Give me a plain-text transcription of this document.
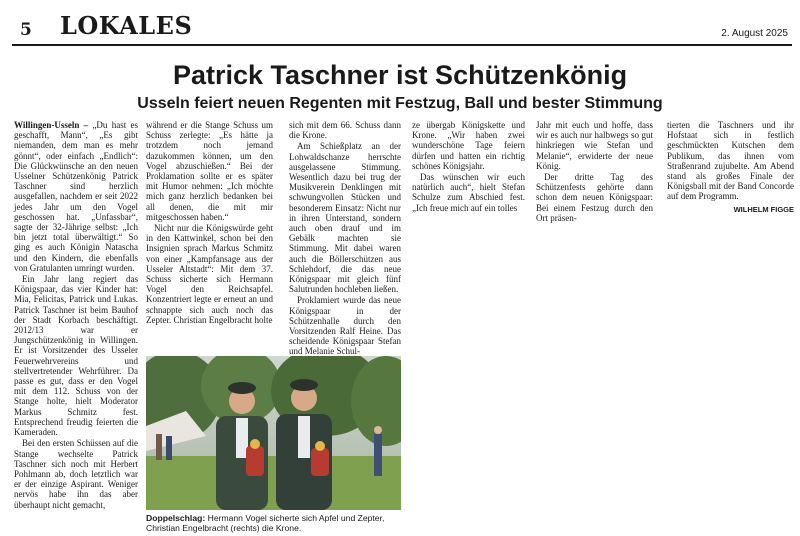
5 LOKALES	2. August 2025
Patrick Taschner ist Schützenkönig
Usseln feiert neuen Regenten mit Festzug, Ball und bester Stimmung

Willingen-Usseln – „Du hast es geschafft, Mann“, „Es gibt niemanden, dem man es mehr gönnt“, oder einfach „Endlich“: Die Glückwünsche an den neuen Usselner Schützenkönig Patrick Taschner sind herzlich ausgefallen, nachdem er seit 2022 jedes Jahr um den Vogel geschossen hat. „Unfassbar“, sagte der 32-Jährige selbst: „Ich bin jetzt total überwältigt.“ So ging es auch Königin Natascha und den Kindern, die ebenfalls von Gratulanten umringt wurden.

Ein Jahr lang regiert das Königspaar, das vier Kinder hat: Mia, Felicitas, Patrick und Lukas. Patrick Taschner ist beim Bauhof der Stadt Korbach beschäftigt. 2012/13 war er Jungschützenkönig in Willingen. Er ist Vorsitzender des Usseler Feuerwehrvereins und stellvertretender Wehrführer. Da passe es gut, dass er den Vogel mit dem 112. Schuss von der Stange holte, hielt Moderator Markus Schmitz fest. Entsprechend freudig feierten die Kameraden.

Bei den ersten Schüssen auf die Stange wechselte Patrick Taschner sich noch mit Herbert Pohlmann ab, doch letztlich war er der einzige Aspirant. Weniger nervös habe ihn das aber überhaupt nicht gemacht,

während er die Stange Schuss um Schuss zerlegte: „Es hätte ja trotzdem noch jemand dazukommen können, um den Vogel abzuschießen.“ Bei der Proklamation sollte er es später mit Humor nehmen: „Ich möchte mich ganz herzlich bedanken bei all denen, die mit mir mitgeschossen haben.“

Nicht nur die Königswürde geht in den Kattwinkel, schon bei den Insignien sprach Markus Schmitz von einer „Kampfansage aus der Usseler Altstadt“: Mit dem 37. Schuss sicherte sich Hermann Vogel den Reichsapfel. Konzentriert legte er erneut an und schnappte sich auch noch das Zepter. Christian Engelbracht holte

sich mit dem 66. Schuss dann die Krone.

Am Schießplatz an der Lohwaldschanze herrschte ausgelassene Stimmung. Wesentlich dazu bei trug der Musikverein Denklingen mit schwungvollen Stücken und besonderem Einsatz: Nicht nur in ihren Unterstand, sondern auch oben drauf und im Gebälk machten sie Stimmung. Mit dabei waren auch die Böllerschützen aus Schlehdorf, die das neue Königspaar mit gleich fünf Salutrunden hochleben ließen.

Proklamiert wurde das neue Königspaar in der Schützenhalle durch den Vorsitzenden Ralf Heine. Das scheidende Königspaar Stefan und Melanie Schul-

ze übergab Königskette und Krone. „Wir haben zwei wunderschöne Tage feiern dürfen und hatten ein richtig schönes Königsjahr.

Das wünschen wir euch natürlich auch“, hielt Stefan Schulze zum Abschied fest. „Ich freue mich auf ein tolles

Jahr mit euch und hoffe, dass wir es auch nur halbwegs so gut hinkriegen wie Stefan und Melanie“, erwiderte der neue König.

Der dritte Tag des Schützenfests gehörte dann schon dem neuen Königspaar: Bei einem Festzug durch den Ort präsen-

tierten die Taschners und ihr Hofstaat sich in festlich geschmückten Kutschen dem Publikum, das ihnen vom Straßenrand zujubelte. Am Abend stand als großes Finale der Königsball mit der Band Concorde auf dem Programm.

WILHELM FIGGE

Doppelschlag: Hermann Vogel sicherte sich Apfel und Zepter, Christian Engelbracht (rechts) die Krone.
